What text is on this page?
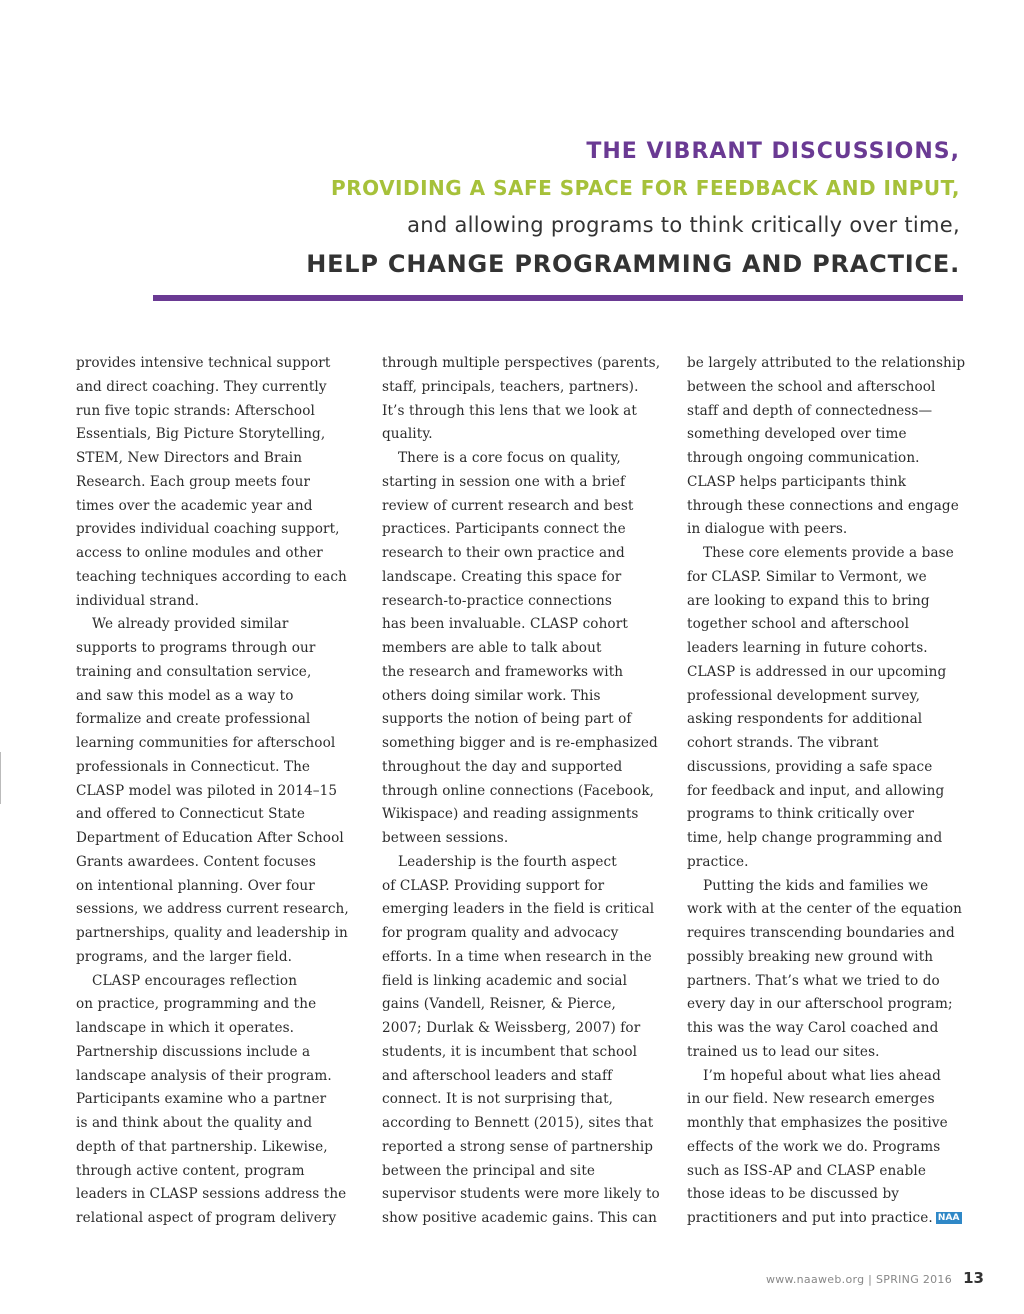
THE VIBRANT DISCUSSIONS,
PROVIDING A SAFE SPACE FOR FEEDBACK AND INPUT,
and allowing programs to think critically over time,
HELP CHANGE PROGRAMMING AND PRACTICE.
provides intensive technical support
and direct coaching. They currently
run five topic strands: Afterschool
Essentials, Big Picture Storytelling,
STEM, New Directors and Brain
Research. Each group meets four
times over the academic year and
provides individual coaching support,
access to online modules and other
teaching techniques according to each
individual strand.
We already provided similar
supports to programs through our
training and consultation service,
and saw this model as a way to
formalize and create professional
learning communities for afterschool
professionals in Connecticut. The
CLASP model was piloted in 2014–15
and offered to Connecticut State
Department of Education After School
Grants awardees. Content focuses
on intentional planning. Over four
sessions, we address current research,
partnerships, quality and leadership in
programs, and the larger field.
CLASP encourages reflection
on practice, programming and the
landscape in which it operates.
Partnership discussions include a
landscape analysis of their program.
Participants examine who a partner
is and think about the quality and
depth of that partnership. Likewise,
through active content, program
leaders in CLASP sessions address the
relational aspect of program delivery
through multiple perspectives (parents,
staff, principals, teachers, partners).
It’s through this lens that we look at
quality.
There is a core focus on quality,
starting in session one with a brief
review of current research and best
practices. Participants connect the
research to their own practice and
landscape. Creating this space for
research-to-practice connections
has been invaluable. CLASP cohort
members are able to talk about
the research and frameworks with
others doing similar work. This
supports the notion of being part of
something bigger and is re-emphasized
throughout the day and supported
through online connections (Facebook,
Wikispace) and reading assignments
between sessions.
Leadership is the fourth aspect
of CLASP. Providing support for
emerging leaders in the field is critical
for program quality and advocacy
efforts. In a time when research in the
field is linking academic and social
gains (Vandell, Reisner, & Pierce,
2007; Durlak & Weissberg, 2007) for
students, it is incumbent that school
and afterschool leaders and staff
connect. It is not surprising that,
according to Bennett (2015), sites that
reported a strong sense of partnership
between the principal and site
supervisor students were more likely to
show positive academic gains. This can
be largely attributed to the relationship
between the school and afterschool
staff and depth of connectedness—
something developed over time
through ongoing communication.
CLASP helps participants think
through these connections and engage
in dialogue with peers.
These core elements provide a base
for CLASP. Similar to Vermont, we
are looking to expand this to bring
together school and afterschool
leaders learning in future cohorts.
CLASP is addressed in our upcoming
professional development survey,
asking respondents for additional
cohort strands. The vibrant
discussions, providing a safe space
for feedback and input, and allowing
programs to think critically over
time, help change programming and
practice.
Putting the kids and families we
work with at the center of the equation
requires transcending boundaries and
possibly breaking new ground with
partners. That’s what we tried to do
every day in our afterschool program;
this was the way Carol coached and
trained us to lead our sites.
I’m hopeful about what lies ahead
in our field. New research emerges
monthly that emphasizes the positive
effects of the work we do. Programs
such as ISS-AP and CLASP enable
those ideas to be discussed by
practitioners and put into practice. NAA
www.naaweb.org | SPRING 2016 13
